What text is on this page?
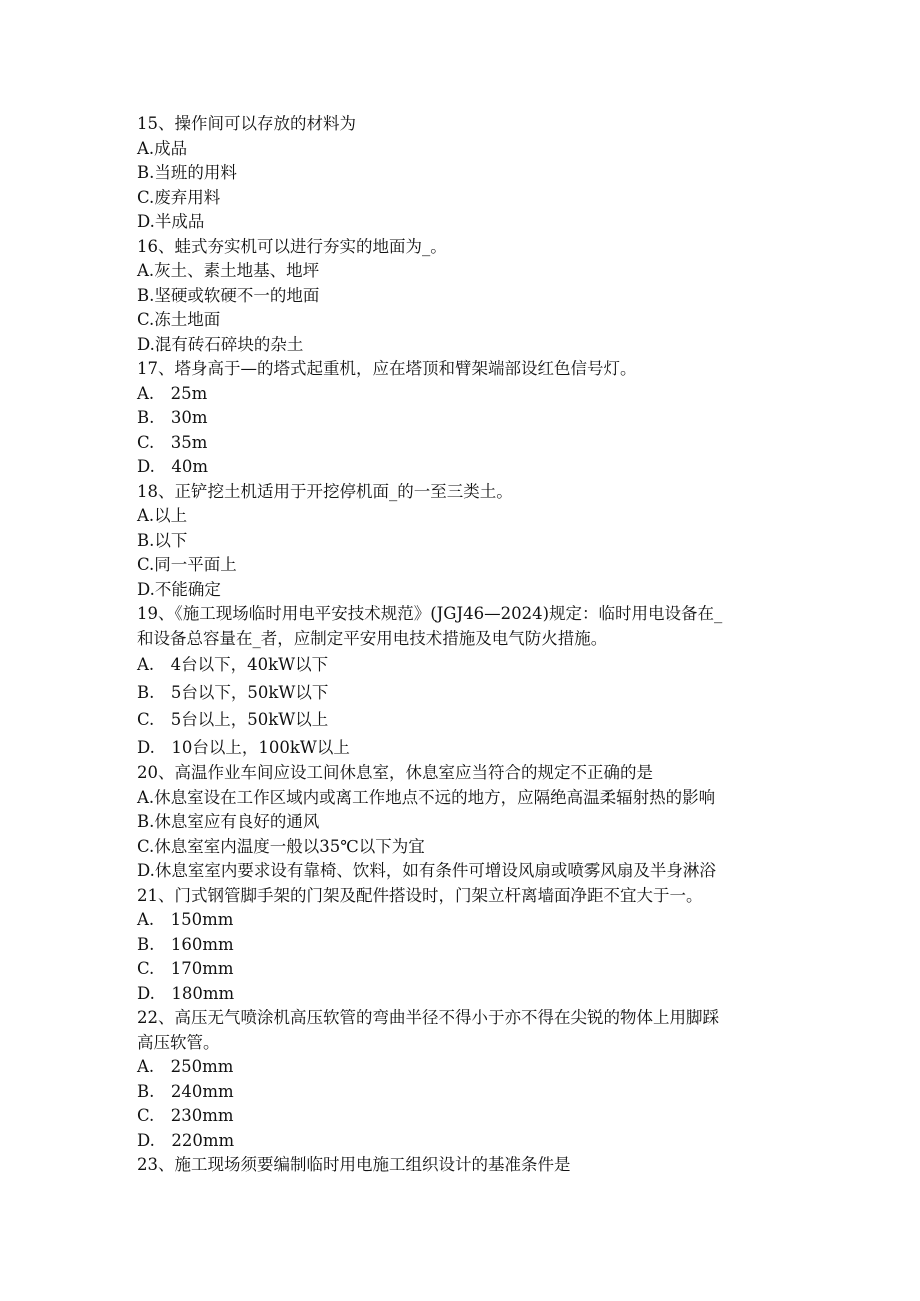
15、操作间可以存放的材料为
A.成品
B.当班的用料
C.废弃用料
D.半成品
16、蛙式夯实机可以进行夯实的地面为_。
A.灰土、素土地基、地坪
B.坚硬或软硬不一的地面
C.冻土地面
D.混有砖石碎块的杂土
17、塔身高于—的塔式起重机，应在塔顶和臂架端部设红色信号灯。
A.　25m
B.　30m
C.　35m
D.　40m
18、正铲挖土机适用于开挖停机面_的一至三类土。
A.以上
B.以下
C.同一平面上
D.不能确定
19、《施工现场临时用电平安技术规范》(JGJ46—2024)规定：临时用电设备在_
和设备总容量在_者，应制定平安用电技术措施及电气防火措施。
A.　4台以下，40kW以下
B.　5台以下，50kW以下
C.　5台以上，50kW以上
D.　10台以上，100kW以上
20、高温作业车间应设工间休息室，休息室应当符合的规定不正确的是
A.休息室设在工作区域内或离工作地点不远的地方，应隔绝高温柔辐射热的影响
B.休息室应有良好的通风
C.休息室室内温度一般以35℃以下为宜
D.休息室室内要求设有靠椅、饮料，如有条件可增设风扇或喷雾风扇及半身淋浴
21、门式钢管脚手架的门架及配件搭设时，门架立杆离墙面净距不宜大于一。
A.　150mm
B.　160mm
C.　170mm
D.　180mm
22、高压无气喷涂机高压软管的弯曲半径不得小于亦不得在尖锐的物体上用脚踩
高压软管。
A.　250mm
B.　240mm
C.　230mm
D.　220mm
23、施工现场须要编制临时用电施工组织设计的基准条件是
